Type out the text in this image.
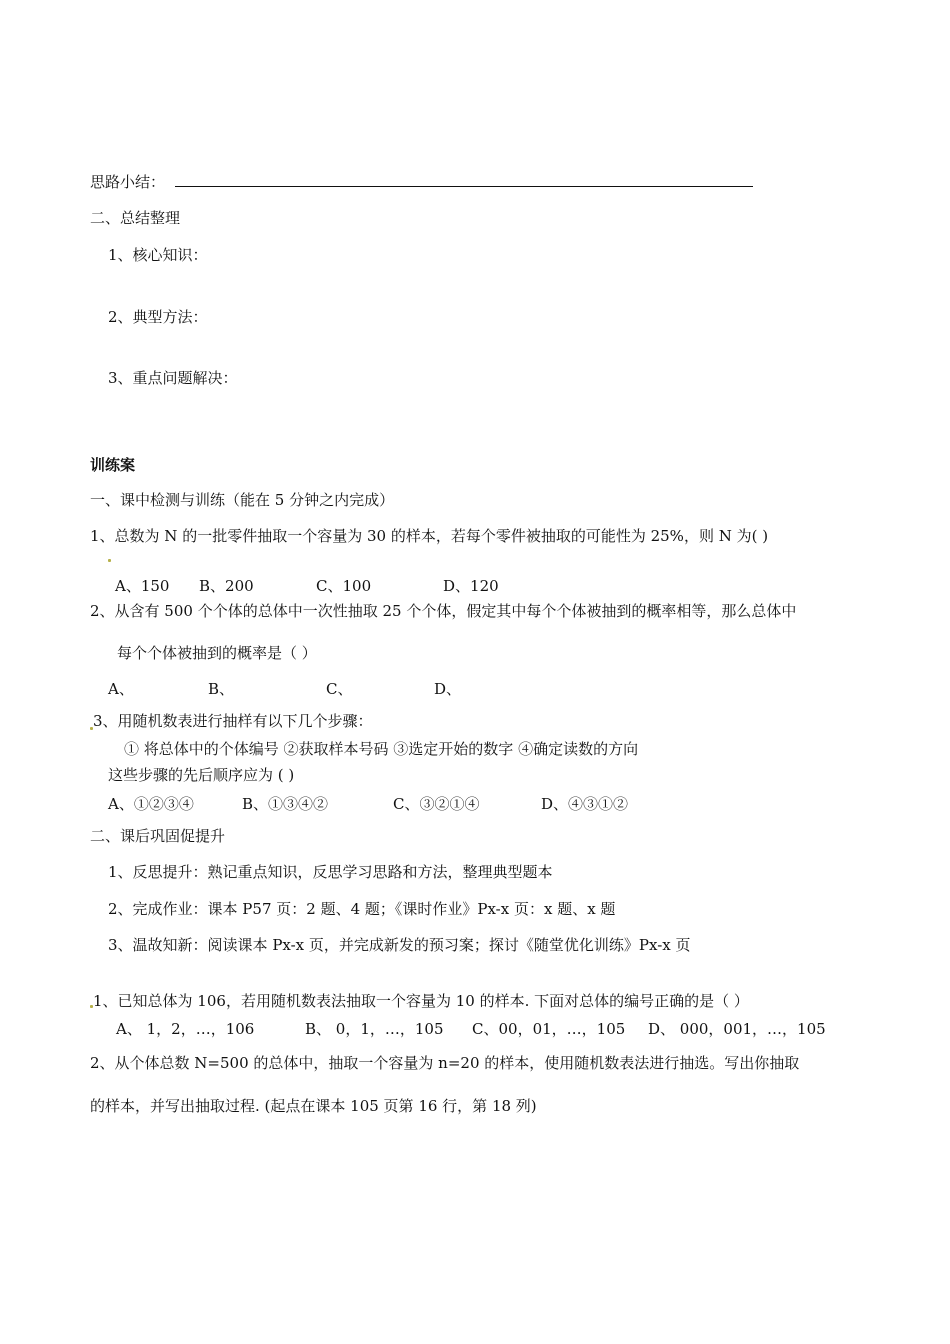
思路小结：
二、总结整理
1、核心知识：
2、典型方法：
3、重点问题解决：
训练案
一、课中检测与训练（能在 5 分钟之内完成）
1、总数为 N 的一批零件抽取一个容量为 30 的样本，若每个零件被抽取的可能性为 25%，则 N 为( )
A、150 B、200	C、100	D、120
2、从含有 500 个个体的总体中一次性抽取 25 个个体，假定其中每个个体被抽到的概率相等，那么总体中
每个个体被抽到的概率是（ ）
A、	B、	C、	D、
3、用随机数表进行抽样有以下几个步骤：
① 将总体中的个体编号 ②获取样本号码 ③选定开始的数字 ④确定读数的方向
这些步骤的先后顺序应为 ( )
A、①②③④	B、①③④②	C、③②①④	D、④③①②
二、课后巩固促提升
1、反思提升：熟记重点知识，反思学习思路和方法，整理典型题本
2、完成作业：课本 P57 页：2 题、4 题；《课时作业》Px-x 页：x 题、x 题
3、温故知新：阅读课本 Px-x 页，并完成新发的预习案；探讨《随堂优化训练》Px-x 页
1、已知总体为 106，若用随机数表法抽取一个容量为 10 的样本. 下面对总体的编号正确的是（ ）
A、 1，2，…，106	B、 0，1，…，105 C、00，01，…，105 D、 000，001，…，105
2、从个体总数 N=500 的总体中，抽取一个容量为 n=20 的样本，使用随机数表法进行抽选。写出你抽取
的样本，并写出抽取过程. (起点在课本 105 页第 16 行，第 18 列)
